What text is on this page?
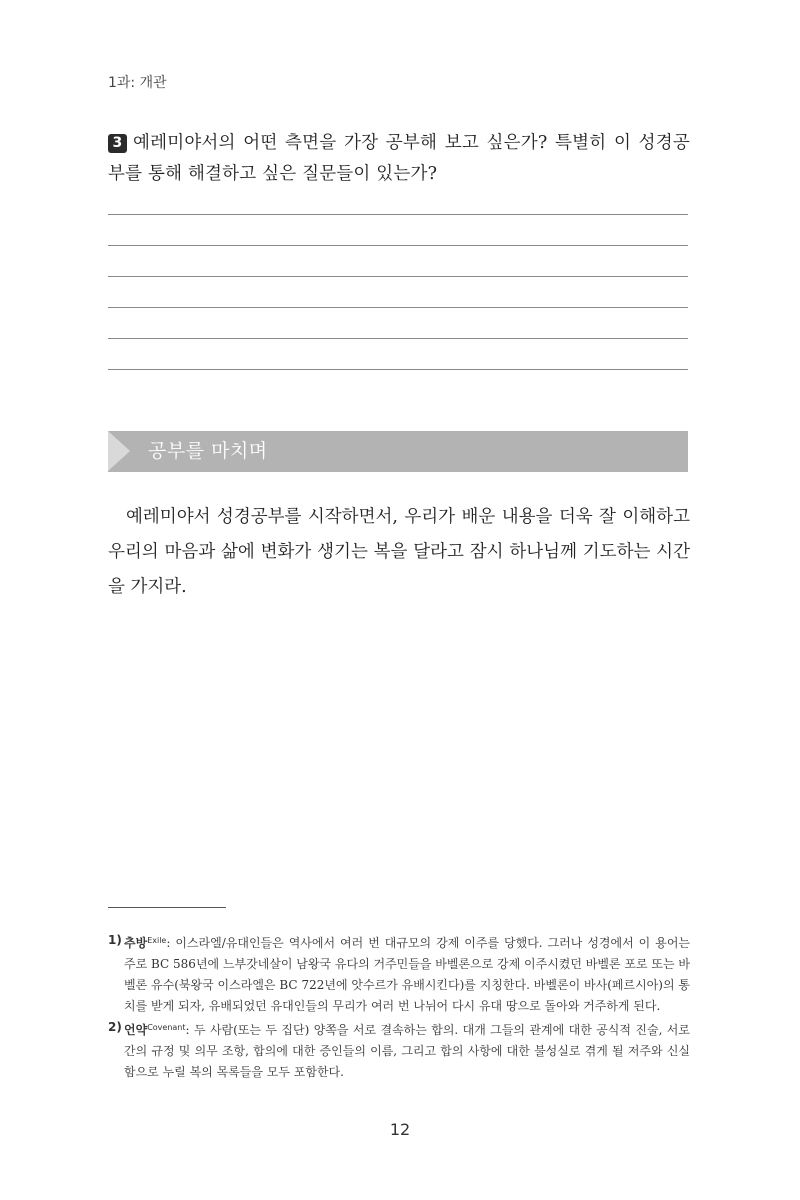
1과: 개관
3 예레미야서의 어떤 측면을 가장 공부해 보고 싶은가? 특별히 이 성경공부를 통해 해결하고 싶은 질문들이 있는가?
공부를 마치며
예레미야서 성경공부를 시작하면서, 우리가 배운 내용을 더욱 잘 이해하고 우리의 마음과 삶에 변화가 생기는 복을 달라고 잠시 하나님께 기도하는 시간을 가지라.
1) 추방$^{Exile}$: 이스라엘/유대인들은 역사에서 여러 번 대규모의 강제 이주를 당했다. 그러나 성경에서 이 용어는 주로 BC 586년에 느부갓네살이 남왕국 유다의 거주민들을 바벨론으로 강제 이주시켰던 바벨론 포로 또는 바벨론 유수(북왕국 이스라엘은 BC 722년에 앗수르가 유배시킨다)를 지칭한다. 바벨론이 바사(페르시아)의 통치를 받게 되자, 유배되었던 유대인들의 무리가 여러 번 나뉘어 다시 유대 땅으로 돌아와 거주하게 된다.
2) 언약$^{Covenant}$: 두 사람(또는 두 집단) 양쪽을 서로 결속하는 합의. 대개 그들의 관계에 대한 공식적 진술, 서로 간의 규정 및 의무 조항, 합의에 대한 증인들의 이름, 그리고 합의 사항에 대한 불성실로 겪게 될 저주와 신실함으로 누릴 복의 목록들을 모두 포함한다.
12
